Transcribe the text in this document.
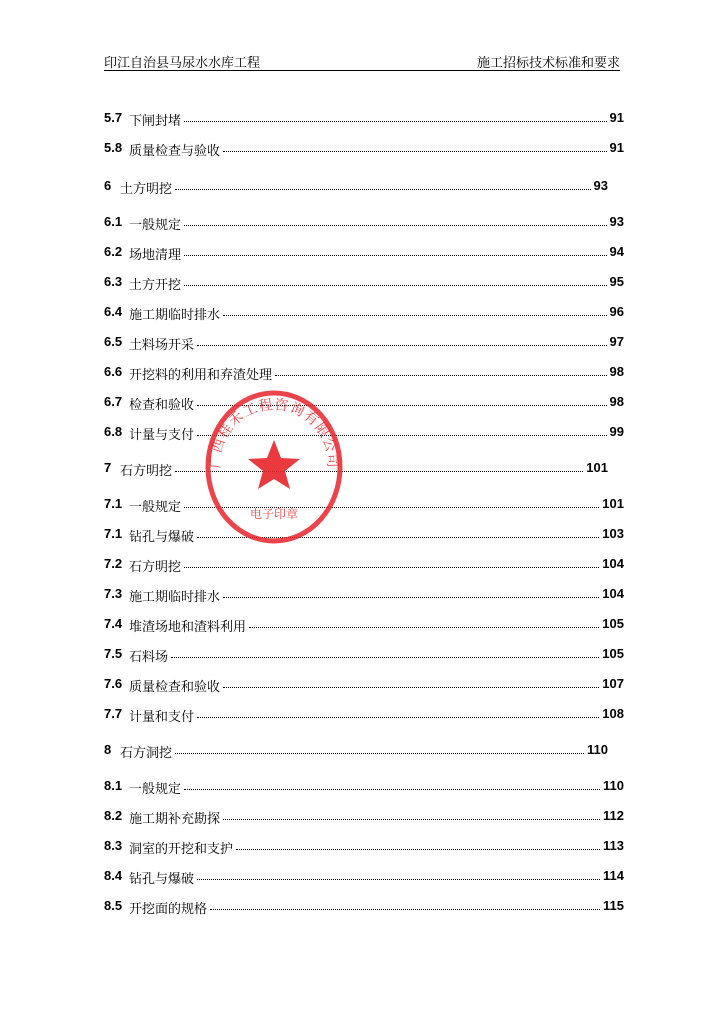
印江自治县马尿水水库工程	施工招标技术标准和要求
5.7 下闸封堵	91
5.8 质量检查与验收	91
6 土方明挖	93
6.1 一般规定	93
6.2 场地清理	94
6.3 土方开挖	95
6.4 施工期临时排水	96
6.5 土料场开采	97
6.6 开挖料的利用和弃渣处理	98
6.7 检查和验收	98
6.8 计量与支付	99
7 石方明挖	101
7.1 一般规定	101
7.1 钻孔与爆破	103
7.2 石方明挖	104
7.3 施工期临时排水	104
7.4 堆渣场地和渣料利用	105
7.5 石料场	105
7.6 质量检查和验收	107
7.7 计量和支付	108
8 石方洞挖	110
8.1 一般规定	110
8.2 施工期补充勘探	112
8.3 洞室的开挖和支护	113
8.4 钻孔与爆破	114
8.5 开挖面的规格	115
广西桂禾工程咨询有限公司
电子印章
